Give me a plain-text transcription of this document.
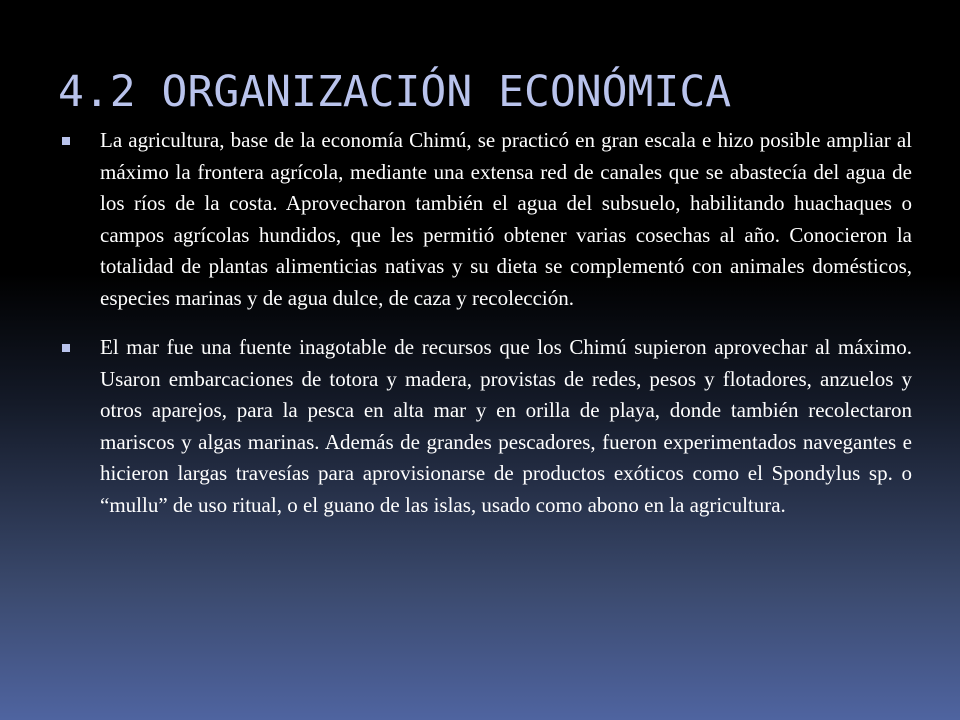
4.2 ORGANIZACIÓN ECONÓMICA
La agricultura, base de la economía Chimú, se practicó en gran escala e hizo posible ampliar al máximo la frontera agrícola, mediante una extensa red de canales que se abastecía del agua de los ríos de la costa. Aprovecharon también el agua del subsuelo, habilitando huachaques o campos agrícolas hundidos, que les permitió obtener varias cosechas al año. Conocieron la totalidad de plantas alimenticias nativas y su dieta se complementó con animales domésticos, especies marinas y de agua dulce, de caza y recolección.
El mar fue una fuente inagotable de recursos que los Chimú supieron aprovechar al máximo. Usaron embarcaciones de totora y madera, provistas de redes, pesos y flotadores, anzuelos y otros aparejos, para la pesca en alta mar y en orilla de playa, donde también recolectaron mariscos y algas marinas. Además de grandes pescadores, fueron experimentados navegantes e hicieron largas travesías para aprovisionarse de productos exóticos como el Spondylus sp. o “mullu” de uso ritual, o el guano de las islas, usado como abono en la agricultura.
